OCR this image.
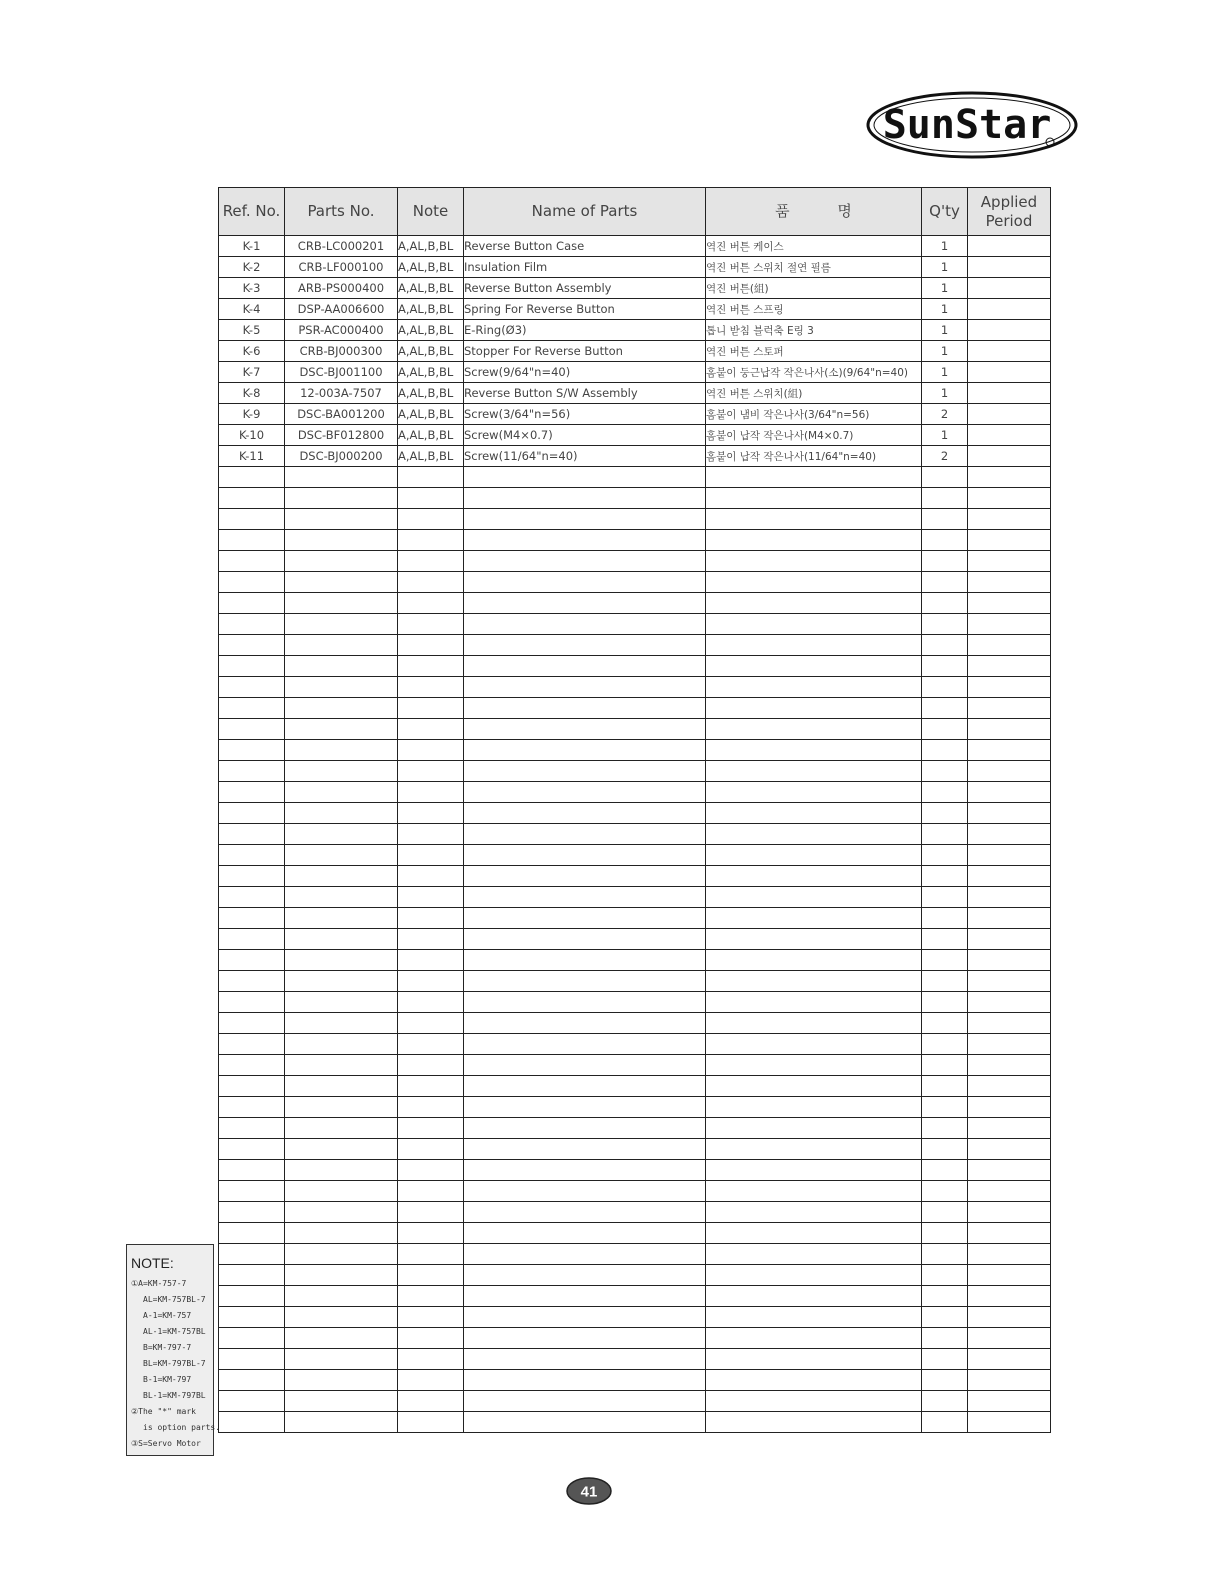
SunStar
Ref. No.	Parts No.	Note	Name of Parts	품          명	Q'ty	Applied Period
K-1	CRB-LC000201	A,AL,B,BL	Reverse Button Case	역진 버튼 케이스	1	
K-2	CRB-LF000100	A,AL,B,BL	Insulation Film	역진 버튼 스위치 절연 필름	1	
K-3	ARB-PS000400	A,AL,B,BL	Reverse Button Assembly	역진 버튼(組)	1	
K-4	DSP-AA006600	A,AL,B,BL	Spring For Reverse Button	역진 버튼 스프링	1	
K-5	PSR-AC000400	A,AL,B,BL	E-Ring(Ø3)	톱니 받침 블럭축 E링 3	1	
K-6	CRB-BJ000300	A,AL,B,BL	Stopper For Reverse Button	역진 버튼 스토퍼	1	
K-7	DSC-BJ001100	A,AL,B,BL	Screw(9/64"n=40)	홈붙이 둥근납작 작은나사(소)(9/64"n=40)	1	
K-8	12-003A-7507	A,AL,B,BL	Reverse Button S/W Assembly	역진 버튼 스위치(組)	1	
K-9	DSC-BA001200	A,AL,B,BL	Screw(3/64"n=56)	홈붙이 냄비 작은나사(3/64"n=56)	2	
K-10	DSC-BF012800	A,AL,B,BL	Screw(M4×0.7)	홈붙이 납작 작은나사(M4×0.7)	1	
K-11	DSC-BJ000200	A,AL,B,BL	Screw(11/64"n=40)	홈붙이 납작 작은나사(11/64"n=40)	2	

NOTE:
①A=KM-757-7
AL=KM-757BL-7
A-1=KM-757
AL-1=KM-757BL
B=KM-797-7
BL=KM-797BL-7
B-1=KM-797
BL-1=KM-797BL
②The "*" mark
is option parts.
③S=Servo Motor
41
